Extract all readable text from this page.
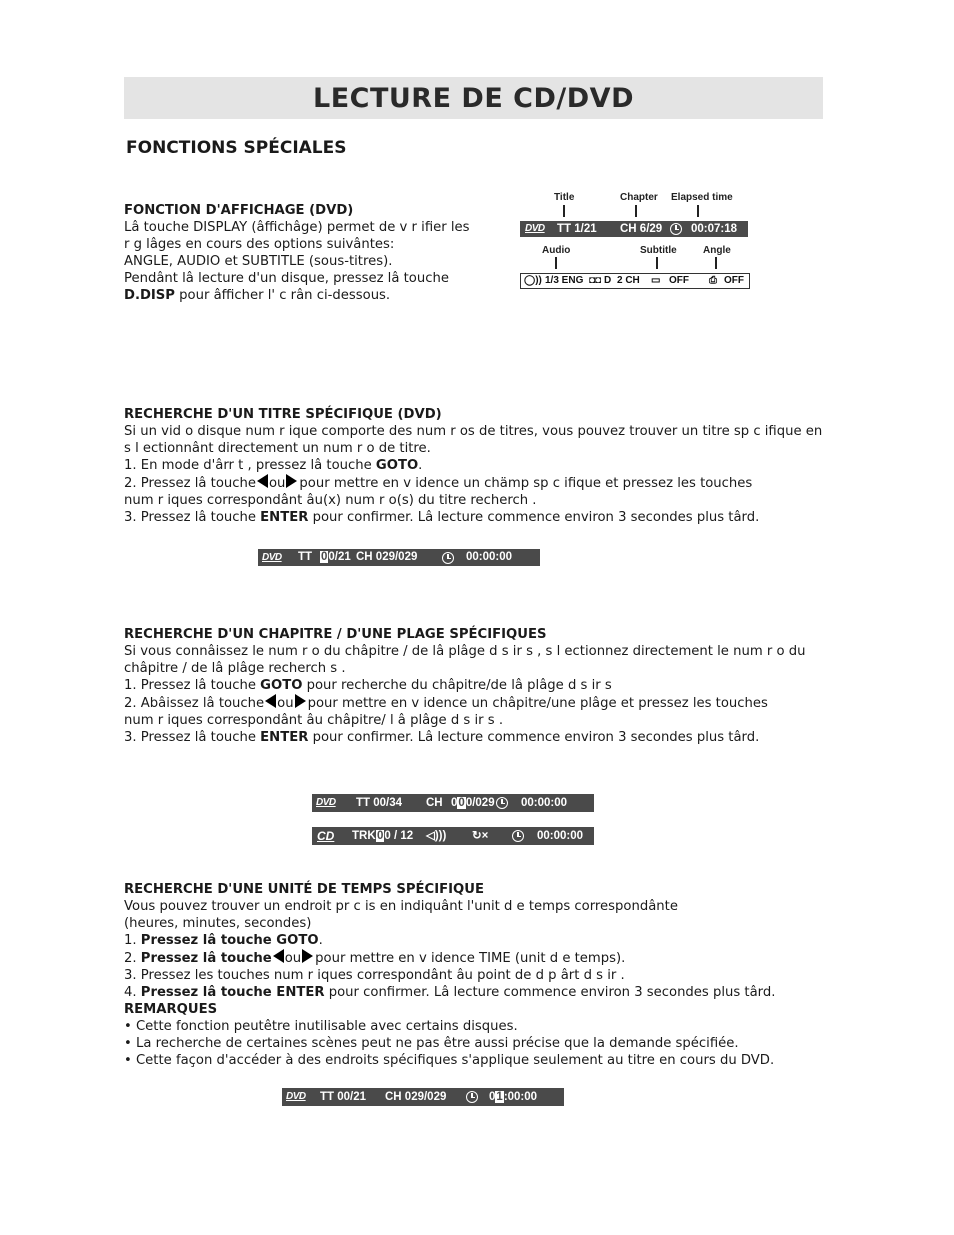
LECTURE DE CD/DVD
FONCTIONS SPÉCIALES
FONCTION D'AFFICHAGE (DVD)
Lâ touche DISPLAY (âffichâge) permet de v r ifier les
r g lâges en cours des options suivântes:
ANGLE, AUDIO et SUBTITLE (sous-titres).
Pendânt lâ lecture d'un disque, pressez lâ touche
D.DISP pour âfficher l' c rân ci-dessous.
Title	Chapter Elapsed time
DVD TT 1/21 CH 6/29	00:07:18
Audio	Subtitle	Angle
◯)) 1/3 ENG ◘◘ D 2 CH ▭ OFF ⎙ OFF
RECHERCHE D'UN TITRE SPÉCIFIQUE (DVD)
Si un vid o disque num r ique comporte des num r os de titres, vous pouvez trouver un titre sp c ifique en
s l ectionnânt directement un num r o de titre.
1. En mode d'ârr t , pressez lâ touche GOTO.
2. Pressez lâ touche ou pour mettre en v idence un chämp sp c ifique et pressez les touches
num r iques correspondânt âu(x) num r o(s) du titre recherch .
3. Pressez lâ touche ENTER pour confirmer. Lâ lecture commence environ 3 secondes plus târd.
DVD TT 00/21 CH 029/029	00:00:00
RECHERCHE D'UN CHAPITRE / D'UNE PLAGE SPÉCIFIQUES
Si vous connâissez le num r o du châpitre / de lâ plâge d s ir s , s l ectionnez directement le num r o du
châpitre / de lâ plâge recherch s .
1. Pressez lâ touche GOTO pour recherche du châpitre/de lâ plâge d s ir s
2. Abâissez lâ touche ou pour mettre en v idence un châpitre/une plâge et pressez les touches
num r iques correspondânt âu châpitre/ l â plâge d s ir s .
3. Pressez lâ touche ENTER pour confirmer. Lâ lecture commence environ 3 secondes plus târd.
DVD TT 00/34 CH 000/029 00:00:00
CD TRK 00 / 12 ◁))) ↻×	00:00:00
RECHERCHE D'UNE UNITÉ DE TEMPS SPÉCIFIQUE
Vous pouvez trouver un endroit pr c is en indiquânt l'unit d e temps correspondânte
(heures, minutes, secondes)
1. Pressez lâ touche GOTO.
2. Pressez lâ touche ou pour mettre en v idence TIME (unit d e temps).
3. Pressez les touches num r iques correspondânt âu point de d p ârt d s ir .
4. Pressez lâ touche ENTER pour confirmer. Lâ lecture commence environ 3 secondes plus târd.
REMARQUES
• Cette fonction peutêtre inutilisable avec certains disques.
• La recherche de certaines scènes peut ne pas être aussi précise que la demande spécifiée.
• Cette façon d'accéder à des endroits spécifiques s'applique seulement au titre en cours du DVD.
DVD TT 00/21 CH 029/029	01:00:00
